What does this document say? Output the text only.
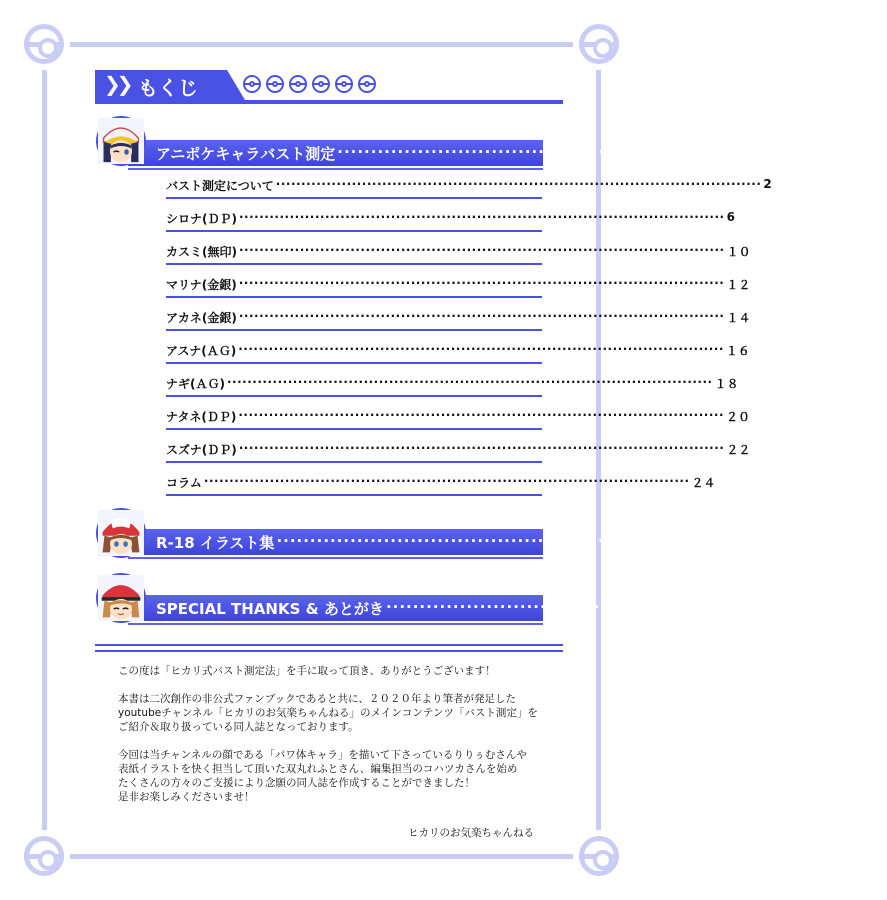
❯❯ もくじ
アニポケキャラバスト測定 ······································································ 2
バスト測定について ································································································ 2
シロナ(ＤＰ) ································································································ 6
カスミ(無印) ································································································ １０
マリナ(金銀) ································································································ １２
アカネ(金銀) ································································································ １４
アスナ(ＡＧ) ································································································ １６
ナギ(ＡＧ) ································································································ １８
ナタネ(ＤＰ) ································································································ ２０
スズナ(ＤＰ) ································································································ ２２
コラム ································································································ ２４
R-18 イラスト集 ······································································ ２７
SPECIAL THANKS & あとがき ······································································ ４０
この度は「ヒカリ式バスト測定法」を手に取って頂き、ありがとうございます！
本書は二次創作の非公式ファンブックであると共に、２０２０年より筆者が発足した
youtubeチャンネル「ヒカリのお気楽ちゃんねる」のメインコンテンツ「バスト測定」を
ご紹介＆取り扱っている同人誌となっております。
今回は当チャンネルの顔である「パワ体キャラ」を描いて下さっているりりぅむさんや
表紙イラストを快く担当して頂いた双丸れふとさん、編集担当のコハツカさんを始め
たくさんの方々のご支援により念願の同人誌を作成することができました！
是非お楽しみくださいませ！
ヒカリのお気楽ちゃんねる
